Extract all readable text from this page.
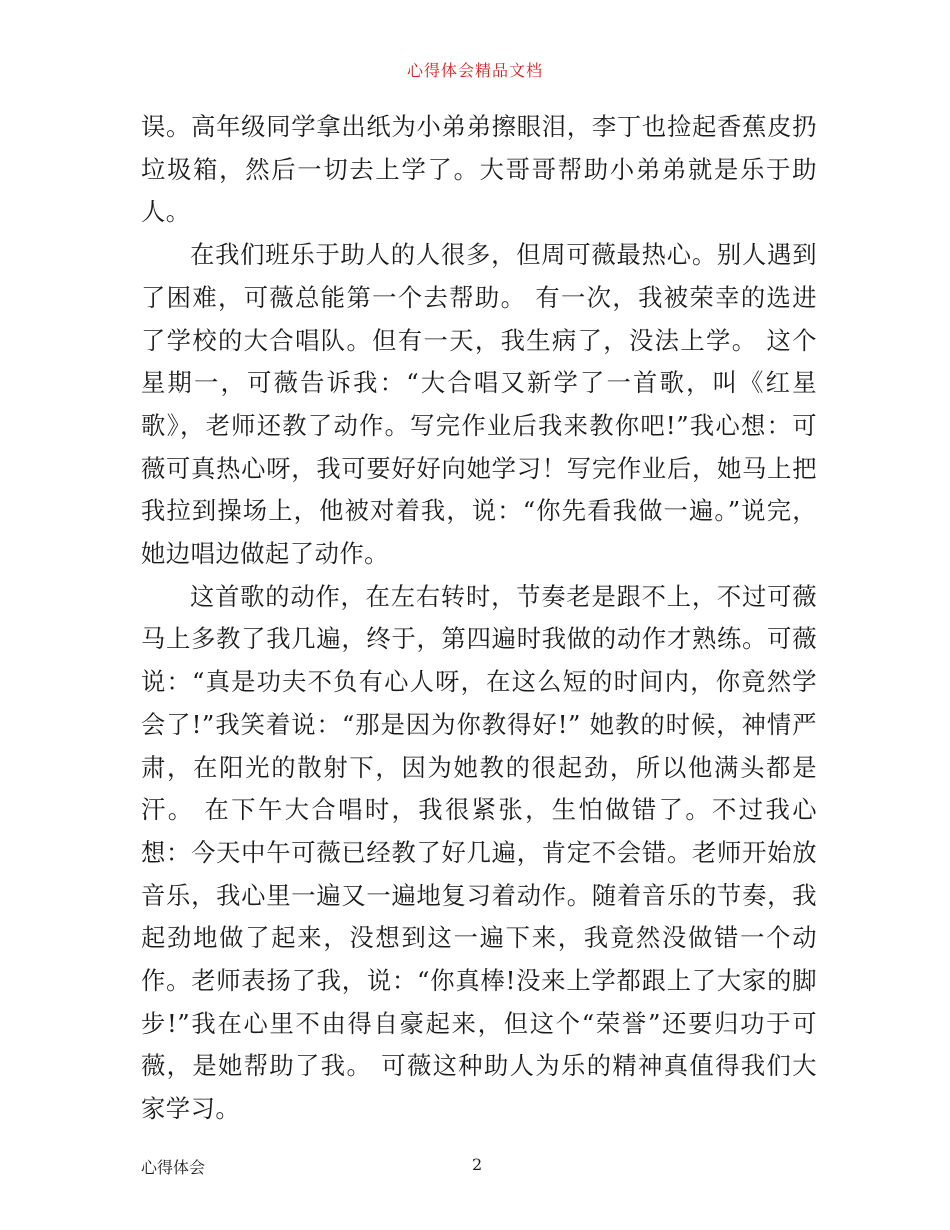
心得体会精品文档

误。高年级同学拿出纸为小弟弟擦眼泪，李丁也捡起香蕉皮扔垃圾箱，然后一切去上学了。大哥哥帮助小弟弟就是乐于助人。

在我们班乐于助人的人很多，但周可薇最热心。别人遇到了困难，可薇总能第一个去帮助。 有一次，我被荣幸的选进了学校的大合唱队。但有一天，我生病了，没法上学。 这个星期一，可薇告诉我：“大合唱又新学了一首歌，叫《红星歌》，老师还教了动作。写完作业后我来教你吧!”我心想：可薇可真热心呀，我可要好好向她学习！写完作业后，她马上把我拉到操场上，他被对着我，说：“你先看我做一遍。”说完，她边唱边做起了动作。

这首歌的动作，在左右转时，节奏老是跟不上，不过可薇马上多教了我几遍，终于，第四遍时我做的动作才熟练。可薇说：“真是功夫不负有心人呀，在这么短的时间内，你竟然学会了!”我笑着说：“那是因为你教得好!” 她教的时候，神情严肃，在阳光的散射下，因为她教的很起劲，所以他满头都是汗。 在下午大合唱时，我很紧张，生怕做错了。不过我心想：今天中午可薇已经教了好几遍，肯定不会错。老师开始放音乐，我心里一遍又一遍地复习着动作。随着音乐的节奏，我起劲地做了起来，没想到这一遍下来，我竟然没做错一个动作。老师表扬了我，说：“你真棒!没来上学都跟上了大家的脚步!”我在心里不由得自豪起来，但这个“荣誉”还要归功于可薇，是她帮助了我。 可薇这种助人为乐的精神真值得我们大家学习。

心得体会	2
